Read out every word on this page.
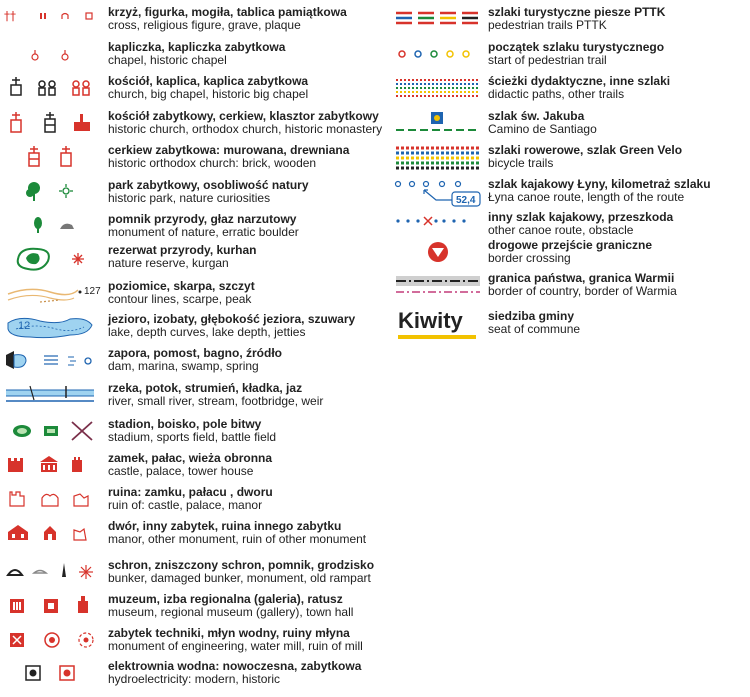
††	krzyż, figurka, mogiła, tablica pamiątkowa
cross, religious figure, grave, plaque
kapliczka, kapliczka zabytkowa
chapel, historic chapel
kościół, kaplica, kaplica zabytkowa
church, big chapel, historic big chapel
kościół zabytkowy, cerkiew, klasztor zabytkowy
historic church, orthodox church, historic monastery
cerkiew zabytkowa: murowana, drewniana
historic orthodox church: brick, wooden
park zabytkowy, osobliwość natury
historic park, nature curiosities
pomnik przyrody, głaz narzutowy
monument of nature, erratic boulder
rezerwat przyrody, kurhan
nature reserve, kurgan
127 poziomice, skarpa, szczyt
contour lines, scarpe, peak
12	jezioro, izobaty, głębokość jeziora, szuwary
lake, depth curves, lake depth, jetties
zapora, pomost, bagno, źródło
dam, marina, swamp, spring
rzeka, potok, strumień, kładka, jaz
river, small river, stream, footbridge, weir
stadion, boisko, pole bitwy
stadium, sports field, battle field
zamek, pałac, wieża obronna
castle, palace, tower house
ruina: zamku, pałacu , dworu
ruin of: castle, palace, manor
dwór, inny zabytek, ruina innego zabytku
manor, other monument, ruin of other monument
schron, zniszczony schron, pomnik, grodzisko
bunker, damaged bunker, monument, old rampart
muzeum, izba regionalna (galeria), ratusz
museum, regional museum (gallery), town hall
zabytek techniki, młyn wodny, ruiny młyna
monument of engineering, water mill, ruin of mill
elektrownia wodna: nowoczesna, zabytkowa
hydroelectricity: modern, historic
szlaki turystyczne piesze PTTK
pedestrian trails PTTK
początek szlaku turystycznego
start of pedestrian trail
ścieżki dydaktyczne, inne szlaki
didactic paths, other trails
szlak św. Jakuba
Camino de Santiago
szlaki rowerowe, szlak Green Velo
bicycle trails
52,4
szlak kajakowy Łyny, kilometraż szlaku
Łyna canoe route, length of the route
inny szlak kajakowy, przeszkoda
other canoe route, obstacle
drogowe przejście graniczne
border crossing
granica państwa, granica Warmii
border of country, border of Warmia
Kiwity siedziba gminy
seat of commune
